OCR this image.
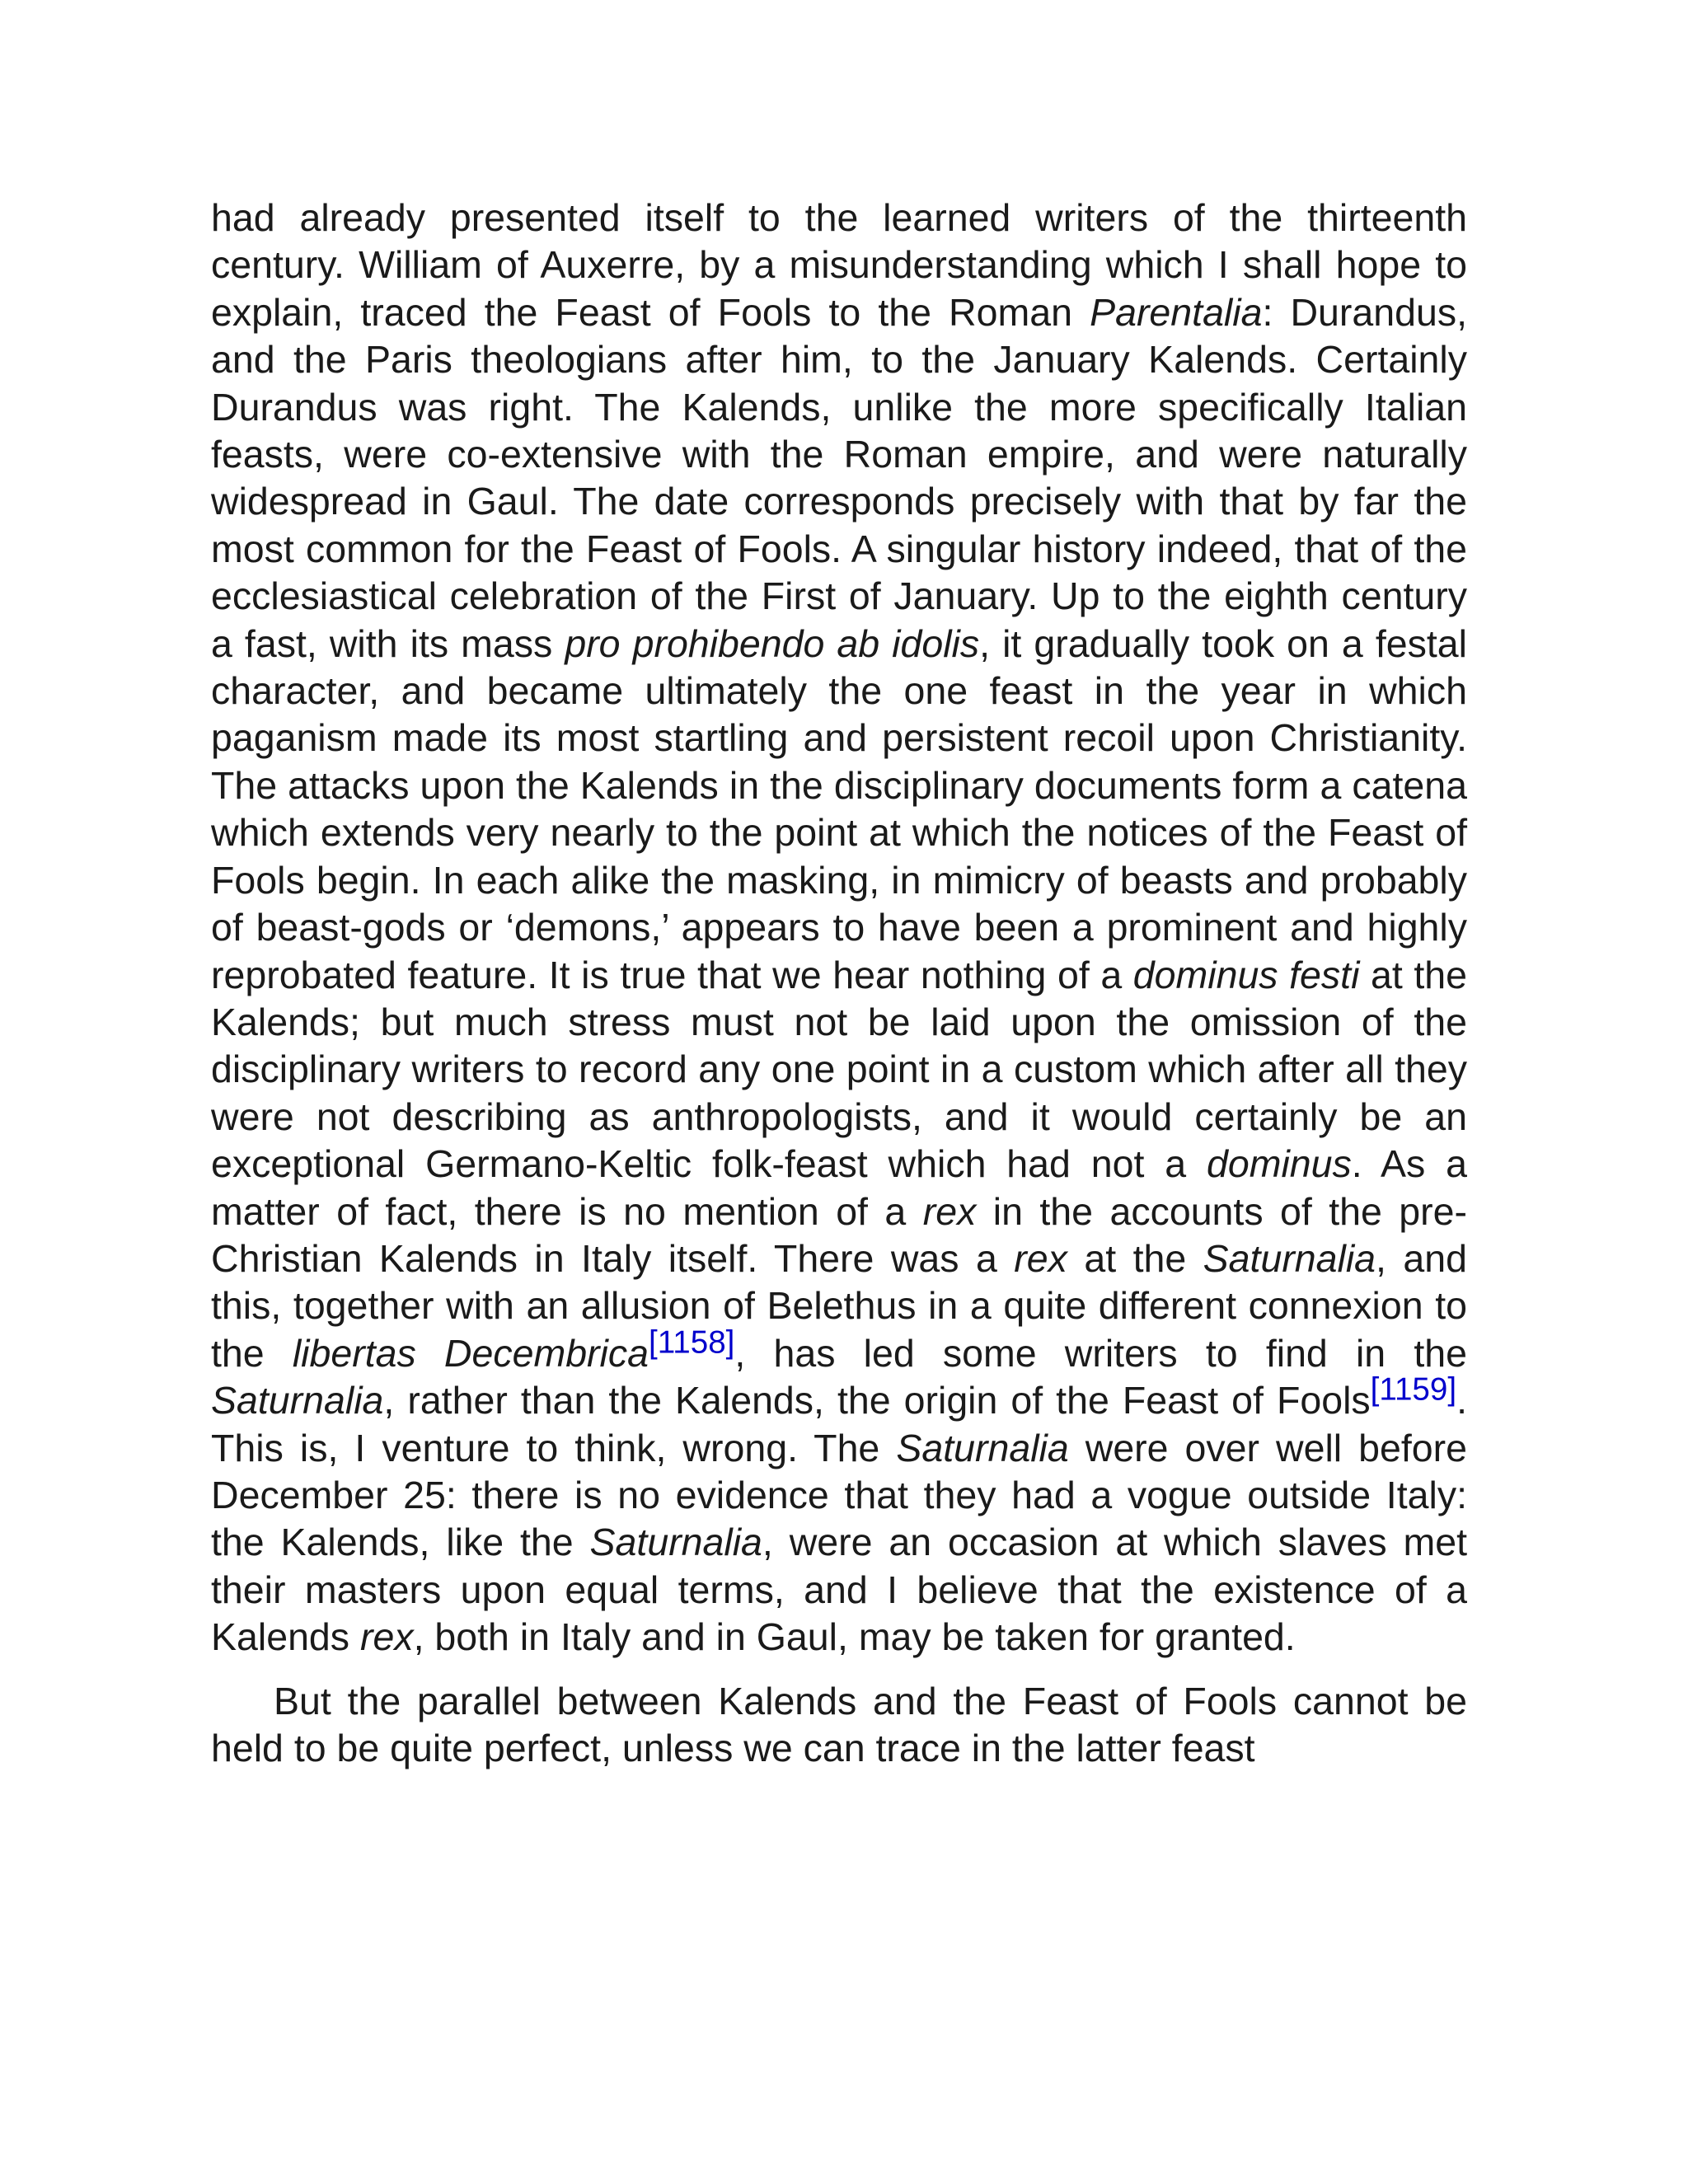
had already presented itself to the learned writers of the thirteenth century. William of Auxerre, by a misunderstanding which I shall hope to explain, traced the Feast of Fools to the Roman Parentalia: Durandus, and the Paris theologians after him, to the January Kalends. Certainly Durandus was right. The Kalends, unlike the more specifically Italian feasts, were co-extensive with the Roman empire, and were naturally widespread in Gaul. The date corresponds precisely with that by far the most common for the Feast of Fools. A singular history indeed, that of the ecclesiastical celebration of the First of January. Up to the eighth century a fast, with its mass pro prohibendo ab idolis, it gradually took on a festal character, and became ultimately the one feast in the year in which paganism made its most startling and persistent recoil upon Christianity. The attacks upon the Kalends in the disciplinary documents form a catena which extends very nearly to the point at which the notices of the Feast of Fools begin. In each alike the masking, in mimicry of beasts and probably of beast-gods or ‘demons,’ appears to have been a prominent and highly reprobated feature. It is true that we hear nothing of a dominus festi at the Kalends; but much stress must not be laid upon the omission of the disciplinary writers to record any one point in a custom which after all they were not describing as anthropologists, and it would certainly be an exceptional Germano-Keltic folk-feast which had not a dominus. As a matter of fact, there is no mention of a rex in the accounts of the pre-Christian Kalends in Italy itself. There was a rex at the Saturnalia, and this, together with an allusion of Belethus in a quite different connexion to the libertas Decembrica[1158], has led some writers to find in the Saturnalia, rather than the Kalends, the origin of the Feast of Fools[1159]. This is, I venture to think, wrong. The Saturnalia were over well before December 25: there is no evidence that they had a vogue outside Italy: the Kalends, like the Saturnalia, were an occasion at which slaves met their masters upon equal terms, and I believe that the existence of a Kalends rex, both in Italy and in Gaul, may be taken for granted.

But the parallel between Kalends and the Feast of Fools cannot be held to be quite perfect, unless we can trace in the latter feast
